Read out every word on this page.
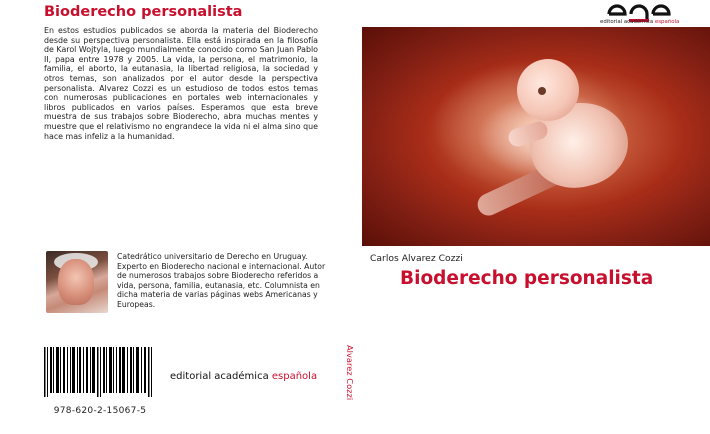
Bioderecho personalista
En estos estudios publicados se aborda la materia del Bioderecho desde su perspectiva personalista. Ella está inspirada en la filosofía de Karol Wojtyla, luego mundialmente conocido como San Juan Pablo II, papa entre 1978 y 2005. La vida, la persona, el matrimonio, la familia, el aborto, la eutanasia, la libertad religiosa, la sociedad y otros temas, son analizados por el autor desde la perspectiva personalista. Alvarez Cozzi es un estudioso de todos estos temas con numerosas publicaciones en portales web internacionales y libros publicados en varios países. Esperamos que esta breve muestra de sus trabajos sobre Bioderecho, abra muchas mentes y muestre que el relativismo no engrandece la vida ni el alma sino que hace mas infeliz a la humanidad.
Catedrático universitario de Derecho en Uruguay. Experto en Bioderecho nacional e internacional. Autor de numerosos trabajos sobre Bioderecho referidos a vida, persona, familia, eutanasia, etc. Columnista en dicha materia de varias páginas webs Americanas y Europeas.
978-620-2-15067-5
editorial académica española	Alvarez Cozzi
editorial académica española
Carlos Alvarez Cozzi
Bioderecho personalista
